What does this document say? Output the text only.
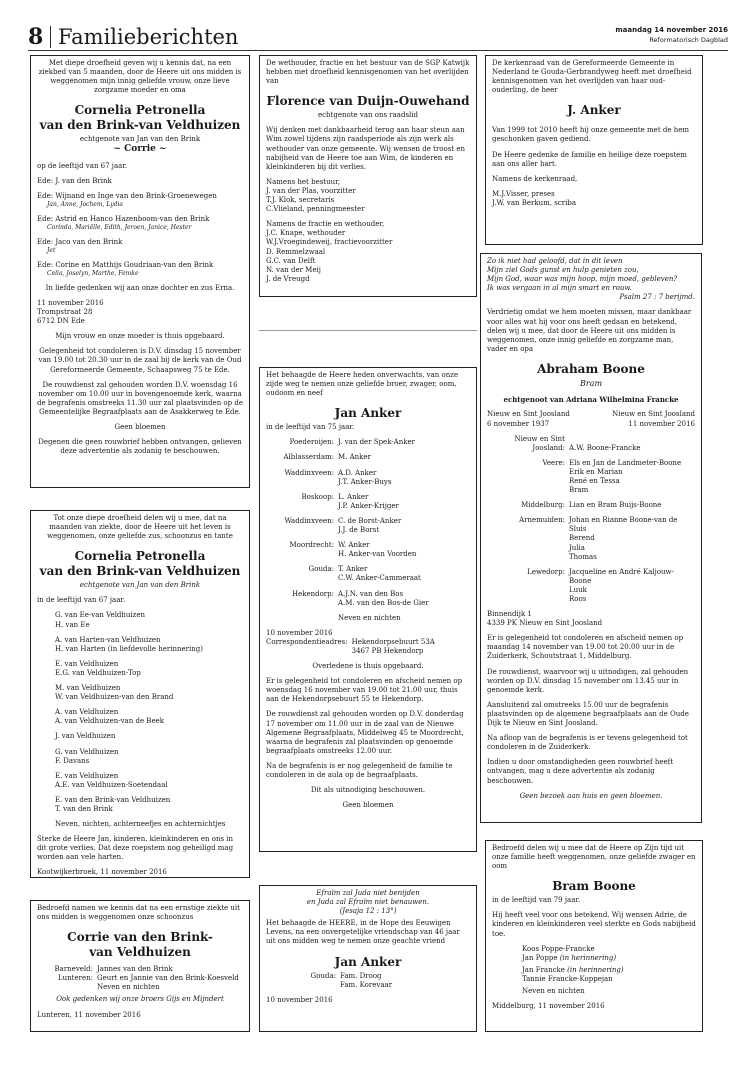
8 Familieberichten	maandag 14 november 2016
Reformatorisch Dagblad
Met diepe droefheid geven wij u kennis dat, na een ziekbed van 5 maanden, door de Heere uit ons midden is weggenomen mijn innig geliefde vrouw, onze lieve zorgzame moeder en oma
Cornelia Petronella
van den Brink-van Veldhuizen
echtgenote van Jan van den Brink
~ Corrie ~
op de leeftijd van 67 jaar.
Ede: J. van den Brink
Ede: Wijnand en Inge van den Brink-Groenewegen
Jan, Anne, Jochem, Lydia
Ede: Astrid en Hanco Hazenboom-van den Brink
Corinda, Mariëlle, Edith, Jeroen, Janice, Hester
Ede: Jaco van den Brink
Jet
Ede: Corine en Matthijs Goudriaan-van den Brink
Celia, Joselyn, Marthe, Femke
In liefde gedenken wij aan onze dochter en zus Erna.
11 november 2016
Trompstraat 28
6712 DN Ede
Mijn vrouw en onze moeder is thuis opgebaard.
Gelegenheid tot condoleren is D.V. dinsdag 15 november van 19.00 tot 20.30 uur in de zaal bij de kerk van de Oud Gereformeerde Gemeente, Schaapsweg 75 te Ede.
De rouwdienst zal gehouden worden D.V. woensdag 16 november om 10.00 uur in bovengenoemde kerk, waarna de begrafenis omstreeks 11.30 uur zal plaatsvinden op de Gemeentelijke Begraafplaats aan de Asakkerweg te Ede.
Geen bloemen
Degenen die geen rouwbrief hebben ontvangen, gelieven deze advertentie als zodanig te beschouwen.
Tot onze diepe droefheid delen wij u mee, dat na maanden van ziekte, door de Heere uit het leven is weggenomen, onze geliefde zus, schoonzus en tante
Cornelia Petronella
van den Brink-van Veldhuizen
echtgenote van Jan van den Brink
in de leeftijd van 67 jaar.
G. van Ee-van Veldhuizen
H. van Ee
A. van Harten-van Veldhuizen
H. van Harten (in liefdevolle herinnering)
E. van Veldhuizen
E.G. van Veldhuizen-Top
M. van Veldhuizen
W. van Veldhuizen-van den Brand
A. van Veldhuizen
A. van Veldhuizen-van de Beek
J. van Veldhuizen
G. van Veldhuizen
F. Davans
E. van Veldhuizen
A.E. van Veldhuizen-Soetendaal
E. van den Brink-van Veldhuizen
T. van den Brink
Neven, nichten, achterneefjes en achternichtjes
Sterke de Heere Jan, kinderen, kleinkinderen en ons in dit grote verlies. Dat deze roepstem nog geheiligd mag worden aan vele harten.
Kootwijkerbroek, 11 november 2016
Bedroefd namen we kennis dat na een ernstige ziekte uit ons midden is weggenomen onze schoonzus
Corrie van den Brink-
van Veldhuizen
Barneveld: Jannes van den Brink
Lunteren: Geurt en Jannie van den Brink-Koesveld
Neven en nichten
Ook gedenken wij onze broers Gijs en Mijndert
Lunteren, 11 november 2016
De wethouder, fractie en het bestuur van de SGP Katwijk hebben met droefheid kennisgenomen van het overlijden van
Florence van Duijn-Ouwehand
echtgenote van ons raadslid
Wij denken met dankbaarheid terug aan haar steun aan Wim zowel tijdens zijn raadsperiode als zijn werk als wethouder van onze gemeente. Wij wensen de troost en nabijheid van de Heere toe aan Wim, de kinderen en kleinkinderen bij dit verlies.
Namens het bestuur,
J. van der Plas, voorzitter
T.J. Klok, secretaris
C.Vlieland, penningmeester
Namens de fractie en wethouder,
J.C. Knape, wethouder
W.J.Vroegindeweij, fractievoorzitter
D. Remmelzwaal
G.C. van Delft
N. van der Meij
J. de Vreugd
Het behaagde de Heere heden onverwachts, van onze zijde weg te nemen onze geliefde broer, zwager, oom, oudoom en neef
Jan Anker
in de leeftijd van 75 jaar.
Poederoijen: J. van der Spek-Anker
Alblasserdam: M. Anker
Waddinxveen: A.D. Anker
J.T. Anker-Buys
Boskoop: L. Anker
J.P. Anker-Krijger
Waddinxveen: C. de Borst-Anker
J.J. de Borst
Moordrecht: W. Anker
H. Anker-van Voorden
Gouda: T. Anker
C.W. Anker-Cammeraat
Hekendorp: A.J.N. van den Bos
A.M. van den Bos-de Gier
Neven en nichten
10 november 2016
Correspondentieadres: Hekendorpsebuurt 53A
3467 PB Hekendorp
Overledene is thuis opgebaard.
Er is gelegenheid tot condoleren en afscheid nemen op woensdag 16 november van 19.00 tot 21.00 uur, thuis aan de Hekendorpsebuurt 55 te Hekendorp.
De rouwdienst zal gehouden worden op D.V. donderdag 17 november om 11.00 uur in de zaal van de Nieuwe Algemene Begraafplaats, Middelweg 45 te Moordrecht, waarna de begrafenis zal plaatsvinden op genoemde begraafplaats omstreeks 12.00 uur.
Na de begrafenis is er nog gelegenheid de familie te condoleren in de aula op de begraafplaats.
Dit als uitnodiging beschouwen.
Geen bloemen
Efraïm zal Juda niet benijden
en Juda zal Efraïm niet benauwen.
(Jesaja 12 : 13°)
Het behaagde de HEERE, in de Hope des Eeuwigen Levens, na een onvergetelijke vriendschap van 46 jaar uit ons midden weg te nemen onze geachte vriend
Jan Anker
Gouda: Fam. Droog
Fam. Korevaar
10 november 2016
De kerkenraad van de Gereformeerde Gemeente in Nederland te Gouda-Gerbrandyweg heeft met droefheid kennisgenomen van het overlijden van haar oud-ouderling, de heer
J. Anker
Van 1999 tot 2010 heeft hij onze gemeente met de hem geschonken gaven gediend.
De Heere gedenke de familie en heilige deze roepstem aan ons aller hart.
Namens de kerkenraad,
M.J.Visser, preses
J.W. van Berkum, scriba
Zo ik niet had geloofd, dat in dit leven
Mijn ziel Gods gunst en hulp genieten zou,
Mijn God, waar was mijn hoop, mijn moed, gebleven?
Ik was vergaan in al mijn smart en rouw.
Psalm 27 : 7 berijmd.
Verdrietig omdat we hem moeten missen, maar dankbaar voor alles wat hij voor ons heeft gedaan en betekend, delen wij u mee, dat door de Heere uit ons midden is weggenomen, onze innig geliefde en zorgzame man, vader en opa
Abraham Boone
Bram
echtgenoot van Adriana Wilhelmina Francke
Nieuw en Sint Joosland
6 november 1937
Nieuw en Sint Joosland
11 november 2016
Nieuw en Sint Joosland: A.W. Boone-Francke
Veere: Els en Jan de Landmeter-Boone
Erik en Marian
René en Tessa
Bram
Middelburg: Lian en Bram Buijs-Boone
Arnemuiden: Johan en Rianne Boone-van de Sluis
Berend
Julia
Thomas
Lewedorp: Jacqueline en André Kaljouw-Boone
Luuk
Roos
Binnendijk 1
4339 PK Nieuw en Sint Joosland
Er is gelegenheid tot condoleren en afscheid nemen op maandag 14 november van 19.00 tot 20.00 uur in de Zuiderkerk, Schoutstraat 1, Middelburg.
De rouwdienst, waarvoor wij u uitnodigen, zal gehouden worden op D.V. dinsdag 15 november om 13.45 uur in genoemde kerk.
Aansluitend zal omstreeks 15.00 uur de begrafenis plaatsvinden op de algemene begraafplaats aan de Oude Dijk te Nieuw en Sint Joosland.
Na afloop van de begrafenis is er tevens gelegenheid tot condoleren in de Zuiderkerk.
Indien u door omstandigheden geen rouwbrief heeft ontvangen, mag u deze advertentie als zodanig beschouwen.
Geen bezoek aan huis en geen bloemen.
Bedroefd delen wij u mee dat de Heere op Zijn tijd uit onze familie heeft weggenomen, onze geliefde zwager en oom
Bram Boone
in de leeftijd van 79 jaar.
Hij heeft veel voor ons betekend. Wij wensen Adrie, de kinderen en kleinkinderen veel sterkte en Gods nabijheid toe.
Koos Poppe-Francke
Jan Poppe (in herinnering)
Jan Francke (in herinnering)
Tannie Francke-Koppejan
Neven en nichten
Middelburg, 11 november 2016
